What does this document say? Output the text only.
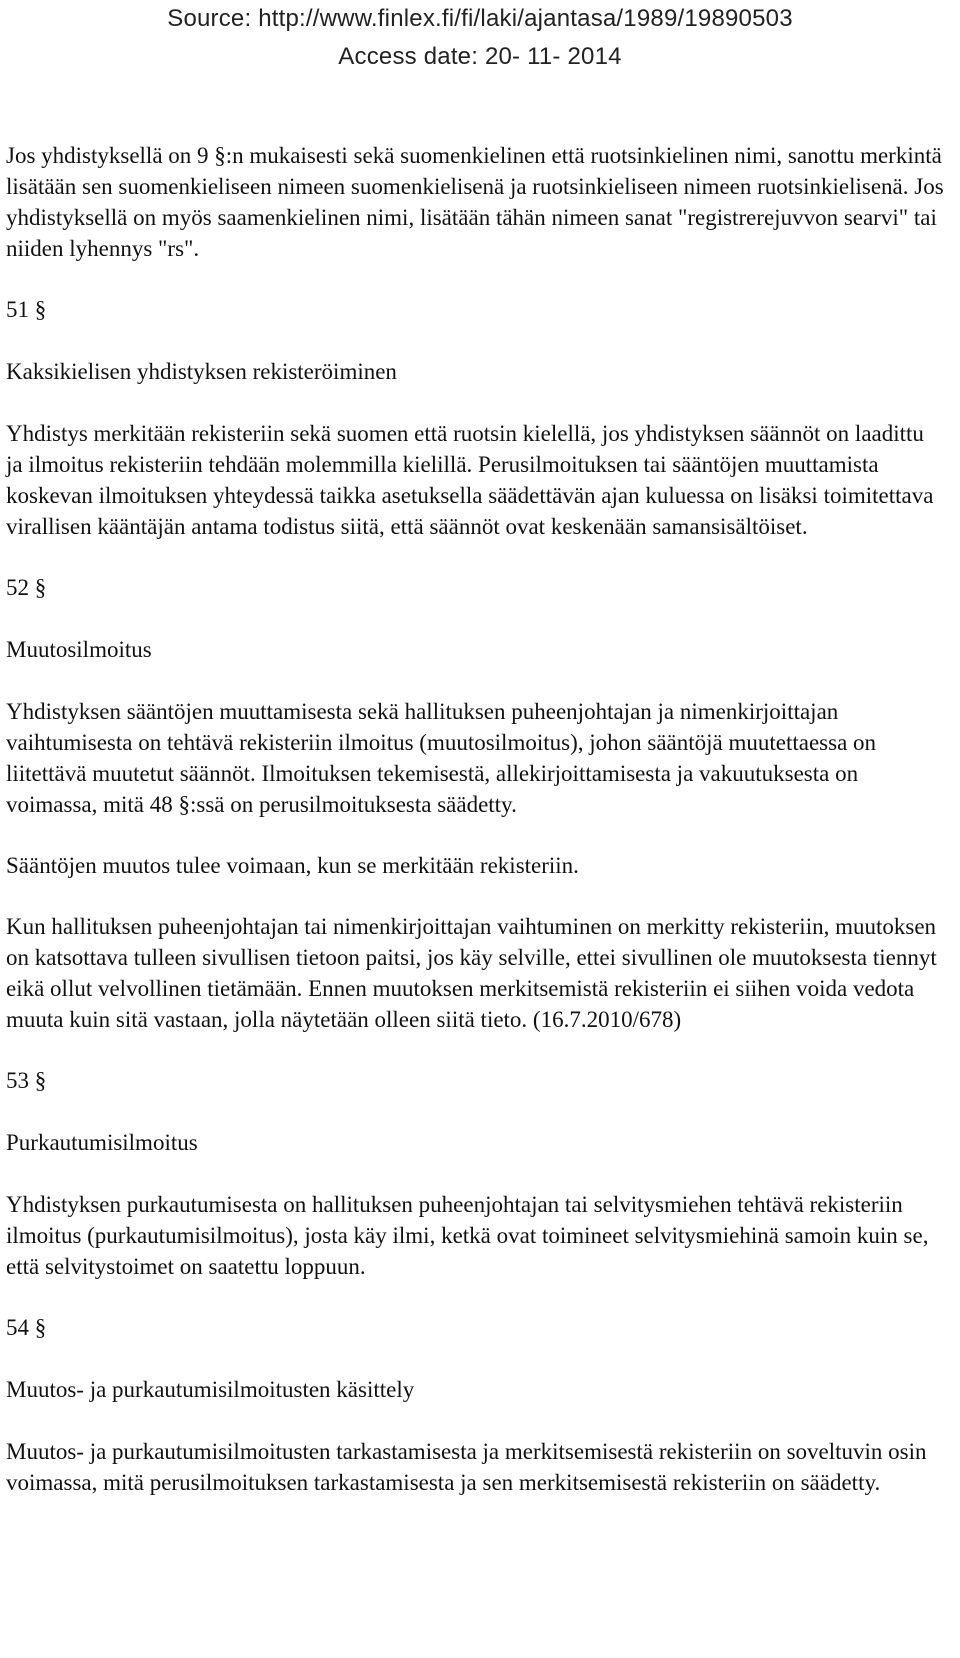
Source: http://www.finlex.fi/fi/laki/ajantasa/1989/19890503
Access date: 20- 11- 2014

Jos yhdistyksellä on 9 §:n mukaisesti sekä suomenkielinen että ruotsinkielinen nimi, sanottu merkintä lisätään sen suomenkieliseen nimeen suomenkielisenä ja ruotsinkieliseen nimeen ruotsinkielisenä. Jos yhdistyksellä on myös saamenkielinen nimi, lisätään tähän nimeen sanat "registrerejuvvon searvi" tai niiden lyhennys "rs".

51 §

Kaksikielisen yhdistyksen rekisteröiminen

Yhdistys merkitään rekisteriin sekä suomen että ruotsin kielellä, jos yhdistyksen säännöt on laadittu ja ilmoitus rekisteriin tehdään molemmilla kielillä. Perusilmoituksen tai sääntöjen muuttamista koskevan ilmoituksen yhteydessä taikka asetuksella säädettävän ajan kuluessa on lisäksi toimitettava virallisen kääntäjän antama todistus siitä, että säännöt ovat keskenään samansisältöiset.

52 §

Muutosilmoitus

Yhdistyksen sääntöjen muuttamisesta sekä hallituksen puheenjohtajan ja nimenkirjoittajan vaihtumisesta on tehtävä rekisteriin ilmoitus (muutosilmoitus), johon sääntöjä muutettaessa on liitettävä muutetut säännöt. Ilmoituksen tekemisestä, allekirjoittamisesta ja vakuutuksesta on voimassa, mitä 48 §:ssä on perusilmoituksesta säädetty.

Sääntöjen muutos tulee voimaan, kun se merkitään rekisteriin.

Kun hallituksen puheenjohtajan tai nimenkirjoittajan vaihtuminen on merkitty rekisteriin, muutoksen on katsottava tulleen sivullisen tietoon paitsi, jos käy selville, ettei sivullinen ole muutoksesta tiennyt eikä ollut velvollinen tietämään. Ennen muutoksen merkitsemistä rekisteriin ei siihen voida vedota muuta kuin sitä vastaan, jolla näytetään olleen siitä tieto. (16.7.2010/678)

53 §

Purkautumisilmoitus

Yhdistyksen purkautumisesta on hallituksen puheenjohtajan tai selvitysmiehen tehtävä rekisteriin ilmoitus (purkautumisilmoitus), josta käy ilmi, ketkä ovat toimineet selvitysmiehinä samoin kuin se, että selvitystoimet on saatettu loppuun.

54 §

Muutos- ja purkautumisilmoitusten käsittely

Muutos- ja purkautumisilmoitusten tarkastamisesta ja merkitsemisestä rekisteriin on soveltuvin osin voimassa, mitä perusilmoituksen tarkastamisesta ja sen merkitsemisestä rekisteriin on säädetty.
